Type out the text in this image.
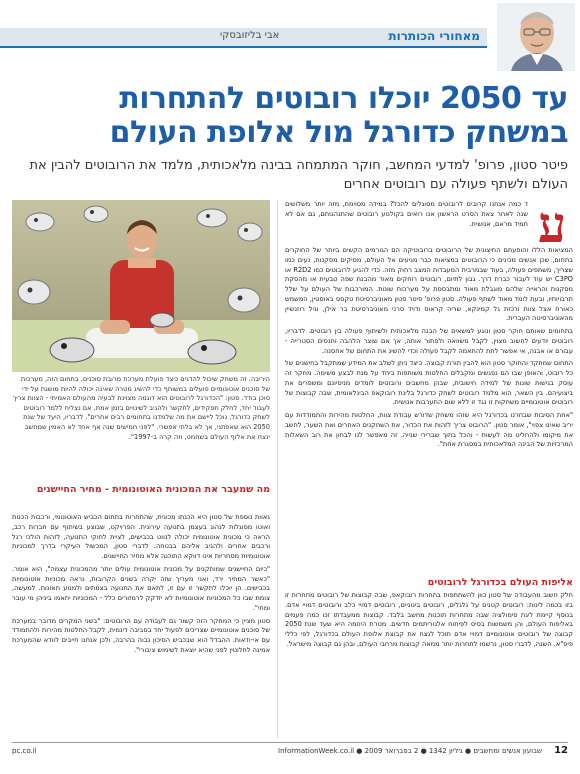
מאחורי הכותרות
אבי בליזובסקי
עד 2050 יוכלו רובוטים להתחרות במשחק כדורגל מול אלופת העולם
פיטר סטון, פרופ' למדעי המחשב, חוקר המתמחה בבינה מלאכותית, מלמד את הרובוטים להבין את העולם ולשתף פעולה עם רובוטים אחרים
היריבה. זה משחק שיכול להדגים כיצד פועלת מערכת מרובת סוכנים. בתחום הזה, מערכות של סוכנים אוטונומיים פועלים במשותף כדי להשיג מטרה שאינה יכולה להיות מושגת על ידי סוכן בודד. סטון: "הכדורגל לרובוטים הוא דוגמה מצוינת לבעיה מהעולם האמיתי - הצוות צריך לעבוד יחד, לחלק תפקידים, לתקשר ולהגיב לשינויים בזמן אמת. אם נצליח ללמד רובוטים לשחק כדורגל, נוכל ליישם את מה שלמדנו בתחומים רבים אחרים". לדבריו, היעד של שנת 2050 הוא שאפתני, אך לא בלתי אפשרי. "לפני חמישים שנה אף אחד לא האמין שמחשב ינצח את אלוף העולם בשחמט, וזה קרה ב-1997".
מה שמעבר את המכונית האוטונומית - מחיר החיישנים

גאוות נוספת של סטון היא הכנתו מכונית, שהתחרות בתחום הכביש האוטונומי, ורכבות הכנות ואוטו מסוגלות לנהוג בעצמן בתנועה עירונית. הפרויקט, שבוצע בשיתוף עם חברות רכב, הראה כי מכונית אוטונומית יכולה לנווט בכבישים, לציית לחוקי התנועה, לזהות הולכי רגל ורכבים אחרים ולהגיב אליהם בבטחה. לדברי סטון, המכשול העיקרי בדרך למכוניות אוטונומיות מסחריות אינו דווקא התוכנה אלא מחיר החיישנים.

"כיום החיישנים שמותקנים על מכונית אוטונומית עולים יותר מהמכונית עצמה", הוא אומר. "כאשר המחיר ירד, ואני מעריך שזה יקרה בשנים הקרובות, נראה מכוניות אוטונומיות בכבישים. הן יוכלו לתקשר זו עם זו, לתאם את התנועה בצמתים ולמנוע תאונות. למעשה, צומת שבו כל המכוניות אוטונומיות לא יזדקק לרמזורים כלל - המכוניות יתאמו ביניהן מי עובר ומתי".

סטון מציין כי המחקר הזה קשור גם לעבודה עם הרובוטים: "בשני המקרים מדובר במערכת של סוכנים אוטונומיים שצריכים לפעול יחד בסביבה דינמית, לקבל החלטות מהירות ולהתמודד עם אי-ודאות. ההבדל הוא שבכביש הסיכון גבוה בהרבה, ולכן אנחנו חייבים לוודא שהמערכת אמינה לחלוטין לפני שהיא יוצאת לשימוש ציבורי".

ע
ד כמה אנחנו קרובים לרובוטים מסוגלים להכל? במידה מסוימת, מזה יותר משלושים שנה לאחר צאת הסרט הראשון אנו רואים בקולנוע רובוטים שהתנהגותם, גם אם לא תמיד מראם, אנושית.

המציאות הללו והופעתם החיצונית של הרובוטים ברובוטיקה הם הגורמים הקשים ביותר של החוקרים בתחום, שכן אנשים מכינים כי הרובוטים במציאות כבר מגיעים אל העולם, מסיקים מסקנות, נעים כמו שצריך, משתפים פעולה, בעוד שבמרבית המעבדות המצב רחוק מזה. כדי להגיע לרובוטים כמו R2D2 או C3PO יש עוד לעבור כברת דרך. גבון לתיום, רובוטים רוחקים מאוד מהבנת שפה טבעית או מהסקת מסקנות והראייה שלהם מוגבלת מאוד ומתבססת על מערכות שונות. המורכבות של העולם על שלל תרבויותיו, ובעת לומד מאוד לשתף פעולה. סטון פרופ' פיטר סטון מאוניברסיטת טקסס באוסטין, המשמש כאורח אצל צוות ורכזת גל קמינקא, שריה קראוס ודויד סרני מאוניברסיטת בר אילן, וגיל רוזנשיין מהאוניברסיטה העברית.

בתחומים שאותם חוקר סטון ונוגע למשאים של הבנה מלאכותית ולשיתוף פעולה בין רובוטים. לדבריו, רובוטים יודעים לחשוב מצוין, לקבל משוואה ולפתור אותה, אך אם שוצר הלהבה ותנסים הסטרייה - עבורם או אבנה, אי אפשר לתת להתאמה לקבל פעולה וכדי להשיג את התחום של אחסנה.

התחום שמתקד והחוקר סטון הוא להבין תורת קבוצה. כיצד ניתן לשלב את המידע שמתקבל בחישנים של כל רובוט, והאופן שבו הם נפגשים ומקבלים החלטות משותפות ביחד על מנת לבצע משימה. מחקר זה עוסק בגישות שונות של למידה חישובית, שבהן מחשבים ורובוטים לומדים מניסיונם ומשפרים את ביצועיהם. בין השאר, הוא מלמד רובוטים לשחק כדורגל בליגת רובוקאפ הבינלאומית, שבה קבוצות של רובוטים אוטונומיים משחקות זו נגד זו ללא שום התערבות אנושית.

"אחת הסיבות שבחרנו בכדורגל היא שזהו משחק שדורש עבודת צוות, החלטות מהירות והתמודדות עם יריב שאינו צפוי", אומר סטון. "הרובוט צריך לזהות את הכדור, את השחקנים האחרים ואת השער, לחשב את מיקומו ולהחליט מה לעשות - והכל בתוך שברירי שנייה. זה מאפשר לנו לבחון את רוב השאלות המרכזיות של הבינה המלאכותית במסגרת אחת".

אליפות העולם בכדורגל לרובוטים

חלק חשוב מהעבודה של סטון כוון להשתתפות בתחרות רובוקאפ, שבה קבוצות של רובוטים מתחרות זו בזו בכמה ליגות: רובוטים קטנים על גלגלים, רובוטים בינוניים, רובוטים דמויי כלב ורובוטים דמויי אדם. בנוסף קיימת ליגת סימולציה שבה מתחרות תוכנות מחשב בלבד. קבוצות ממעבדתו זכו כמה פעמים באליפות העולם, והן משמשות בסיס לפיתוח אלגוריתמים חדשים. מטרת היוזמה היא שעד שנת 2050 קבוצה של רובוטים אוטונומיים דמויי אדם תוכל לנצח את קבוצת אלופת העולם בכדורגל, לפי כללי פיפ"א. השנה, לדברי סטון, נרשמו לתחרות יותר ממאה קבוצות מרחבי העולם, ובהן גם קבוצה מישראל.

12
שבועון אנשים ומחשבים ● גיליון 1342 ● 2 בפברואר 2009 ● InformationWeek.co.il
pc.co.il
